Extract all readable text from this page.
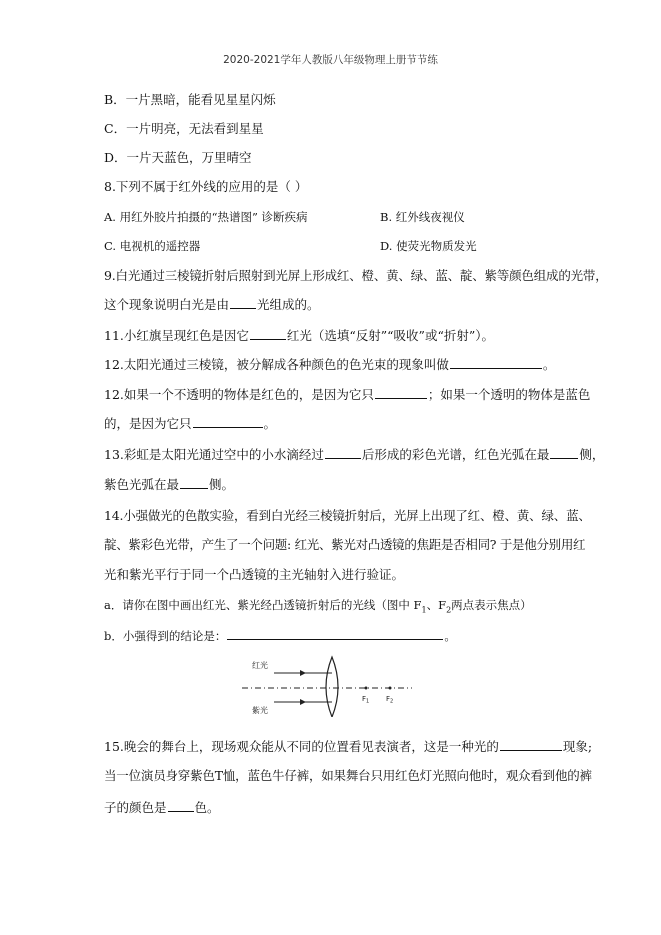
2020-2021学年人教版八年级物理上册节节练
B．一片黑暗，能看见星星闪烁
C．一片明亮，无法看到星星
D．一片天蓝色，万里晴空
8.下列不属于红外线的应用的是（ ）
A. 用红外胶片拍摄的“热谱图” 诊断疾病	B. 红外线夜视仪
C. 电视机的遥控器	D. 使荧光物质发光
9.白光通过三棱镜折射后照射到光屏上形成红、橙、黄、绿、蓝、靛、紫等颜色组成的光带，
这个现象说明白光是由 光组成的。
11.小红旗呈现红色是因它	红光（选填“反射”“吸收”或“折射”）。
12.太阳光通过三棱镜，被分解成各种颜色的色光束的现象叫做	。
12.如果一个不透明的物体是红色的，是因为它只	；如果一个透明的物体是蓝色
的，是因为它只	。
13.彩虹是太阳光通过空中的小水滴经过	后形成的彩色光谱，红色光弧在最 侧，
紫色光弧在最 侧。
14.小强做光的色散实验，看到白光经三棱镜折射后，光屏上出现了红、橙、黄、绿、蓝、
靛、紫彩色光带，产生了一个问题: 红光、紫光对凸透镜的焦距是否相同? 于是他分别用红
光和紫光平行于同一个凸透镜的主光轴射入进行验证。
a．请你在图中画出红光、紫光经凸透镜折射后的光线（图中 $F_1$、$F_2$两点表示焦点）
b．小强得到的结论是：	。
红光
紫光
$F_1$ $F_2$
15.晚会的舞台上，现场观众能从不同的位置看见表演者，这是一种光的	现象;
当一位演员身穿紫色T恤，蓝色牛仔裤，如果舞台只用红色灯光照向他时，观众看到他的裤
子的颜色是 色。
